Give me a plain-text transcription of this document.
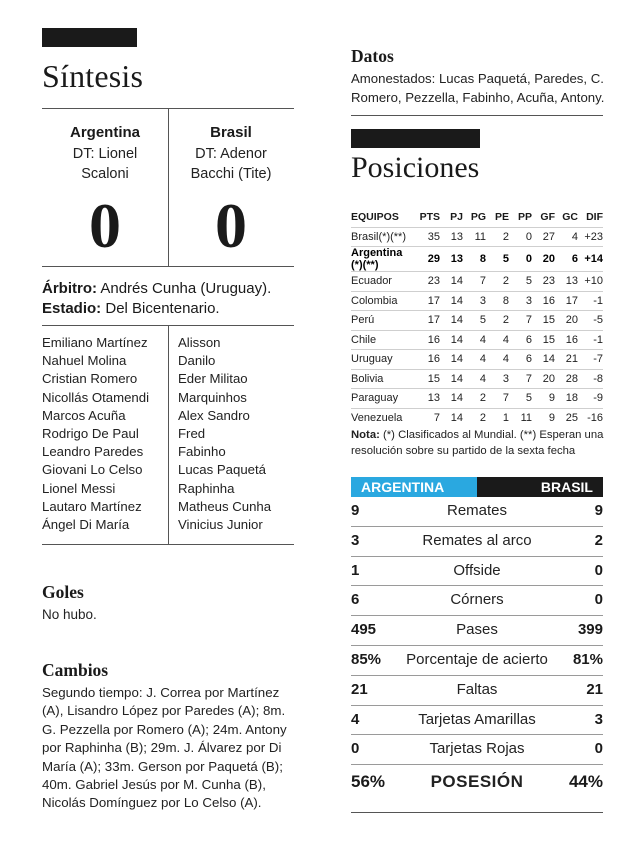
Síntesis
Argentina
DT: Lionel
Scaloni
0
Brasil
DT: Adenor
Bacchi (Tite)
0
Árbitro: Andrés Cunha (Uruguay).
Estadio: Del Bicentenario.
Emiliano Martínez
Nahuel Molina
Cristian Romero
Nicollás Otamendi
Marcos Acuña
Rodrigo De Paul
Leandro Paredes
Giovani Lo Celso
Lionel Messi
Lautaro Martínez
Ángel Di María
Alisson
Danilo
Eder Militao
Marquinhos
Alex Sandro
Fred
Fabinho
Lucas Paquetá
Raphinha
Matheus Cunha
Vinicius Junior
Goles
No hubo.
Cambios
Segundo tiempo: J. Correa por Martínez (A), Lisandro López por Paredes (A); 8m. G. Pezzella por Romero (A); 24m. Antony por Raphinha (B); 29m. J. Álvarez por Di María (A); 33m. Gerson por Paquetá (B); 40m. Gabriel Jesús por M. Cunha (B), Nicolás Domínguez por Lo Celso (A).
Datos
Amonestados: Lucas Paquetá, Paredes, C. Romero, Pezzella, Fabinho, Acuña, Antony.
Posiciones
EQUIPOS	PTS	PJ	PG	PE	PP	GF	GC	DIF
Brasil(*)(**)	35	13	11	2	0	27	4	+23
Argentina (*)(**)	29	13	8	5	0	20	6	+14
Ecuador	23	14	7	2	5	23	13	+10
Colombia	17	14	3	8	3	16	17	-1
Perú	17	14	5	2	7	15	20	-5
Chile	16	14	4	4	6	15	16	-1
Uruguay	16	14	4	4	6	14	21	-7
Bolivia	15	14	4	3	7	20	28	-8
Paraguay	13	14	2	7	5	9	18	-9
Venezuela	7	14	2	1	11	9	25	-16
Nota: (*) Clasificados al Mundial. (**) Esperan una resolución sobre su partido de la sexta fecha
ARGENTINA	BRASIL
9	Remates	9
3	Remates al arco	2
1	Offside	0
6	Córners	0
495	Pases	399
85%	Porcentaje de acierto	81%
21	Faltas	21
4	Tarjetas Amarillas	3
0	Tarjetas Rojas	0
56%	POSESIÓN	44%
